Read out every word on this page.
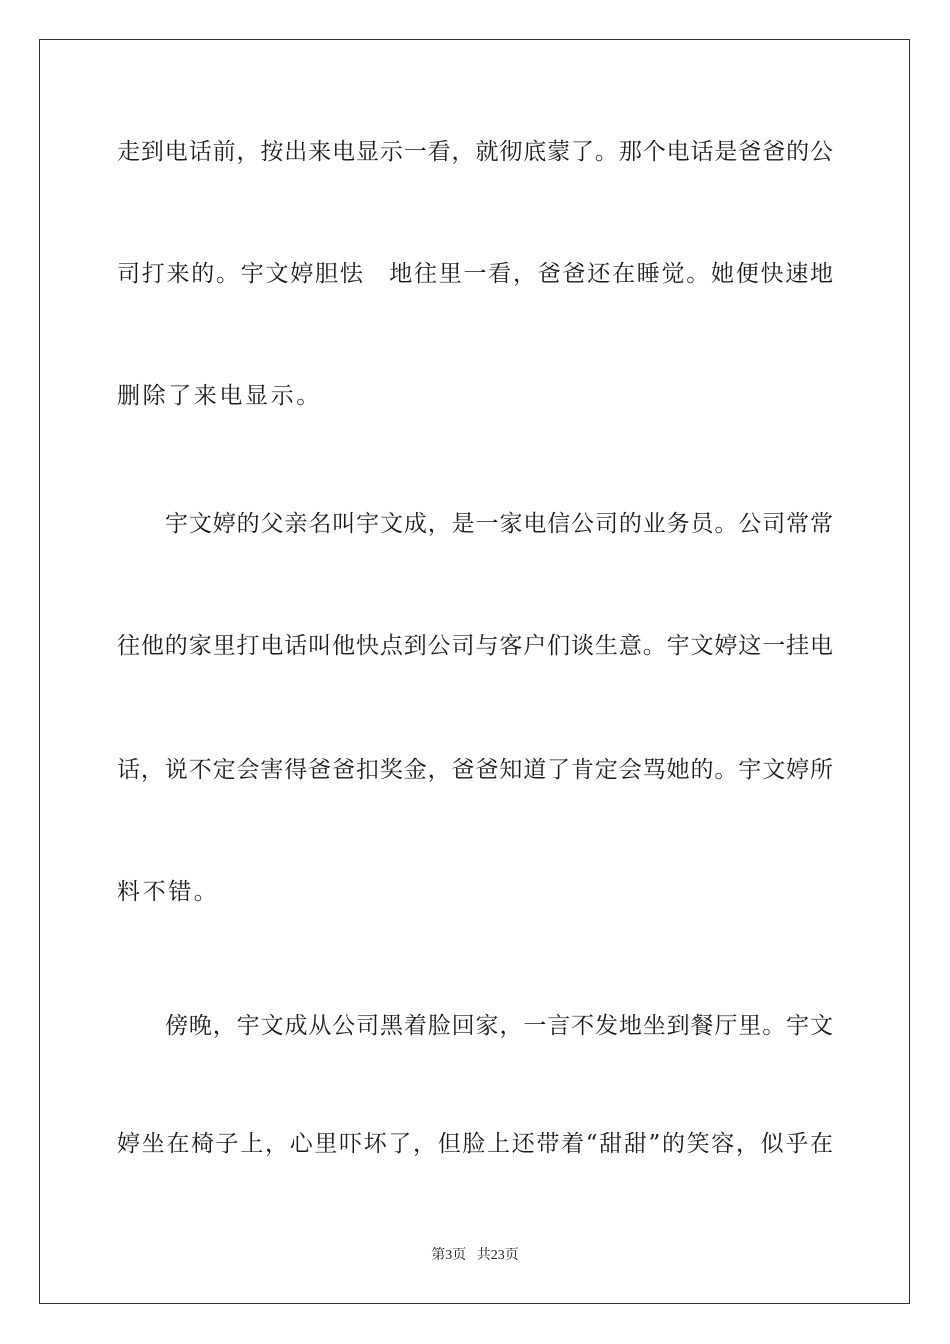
走到电话前，按出来电显示一看，就彻底蒙了。那个电话是爸爸的公
司打来的。宇文婷胆怯　地往里一看，爸爸还在睡觉。她便快速地
删除了来电显示。
宇文婷的父亲名叫宇文成，是一家电信公司的业务员。公司常常
往他的家里打电话叫他快点到公司与客户们谈生意。宇文婷这一挂电
话，说不定会害得爸爸扣奖金，爸爸知道了肯定会骂她的。宇文婷所
料不错。
傍晚，宇文成从公司黑着脸回家，一言不发地坐到餐厅里。宇文
婷坐在椅子上，心里吓坏了，但脸上还带着“甜甜”的笑容，似乎在
第3页 共23页
